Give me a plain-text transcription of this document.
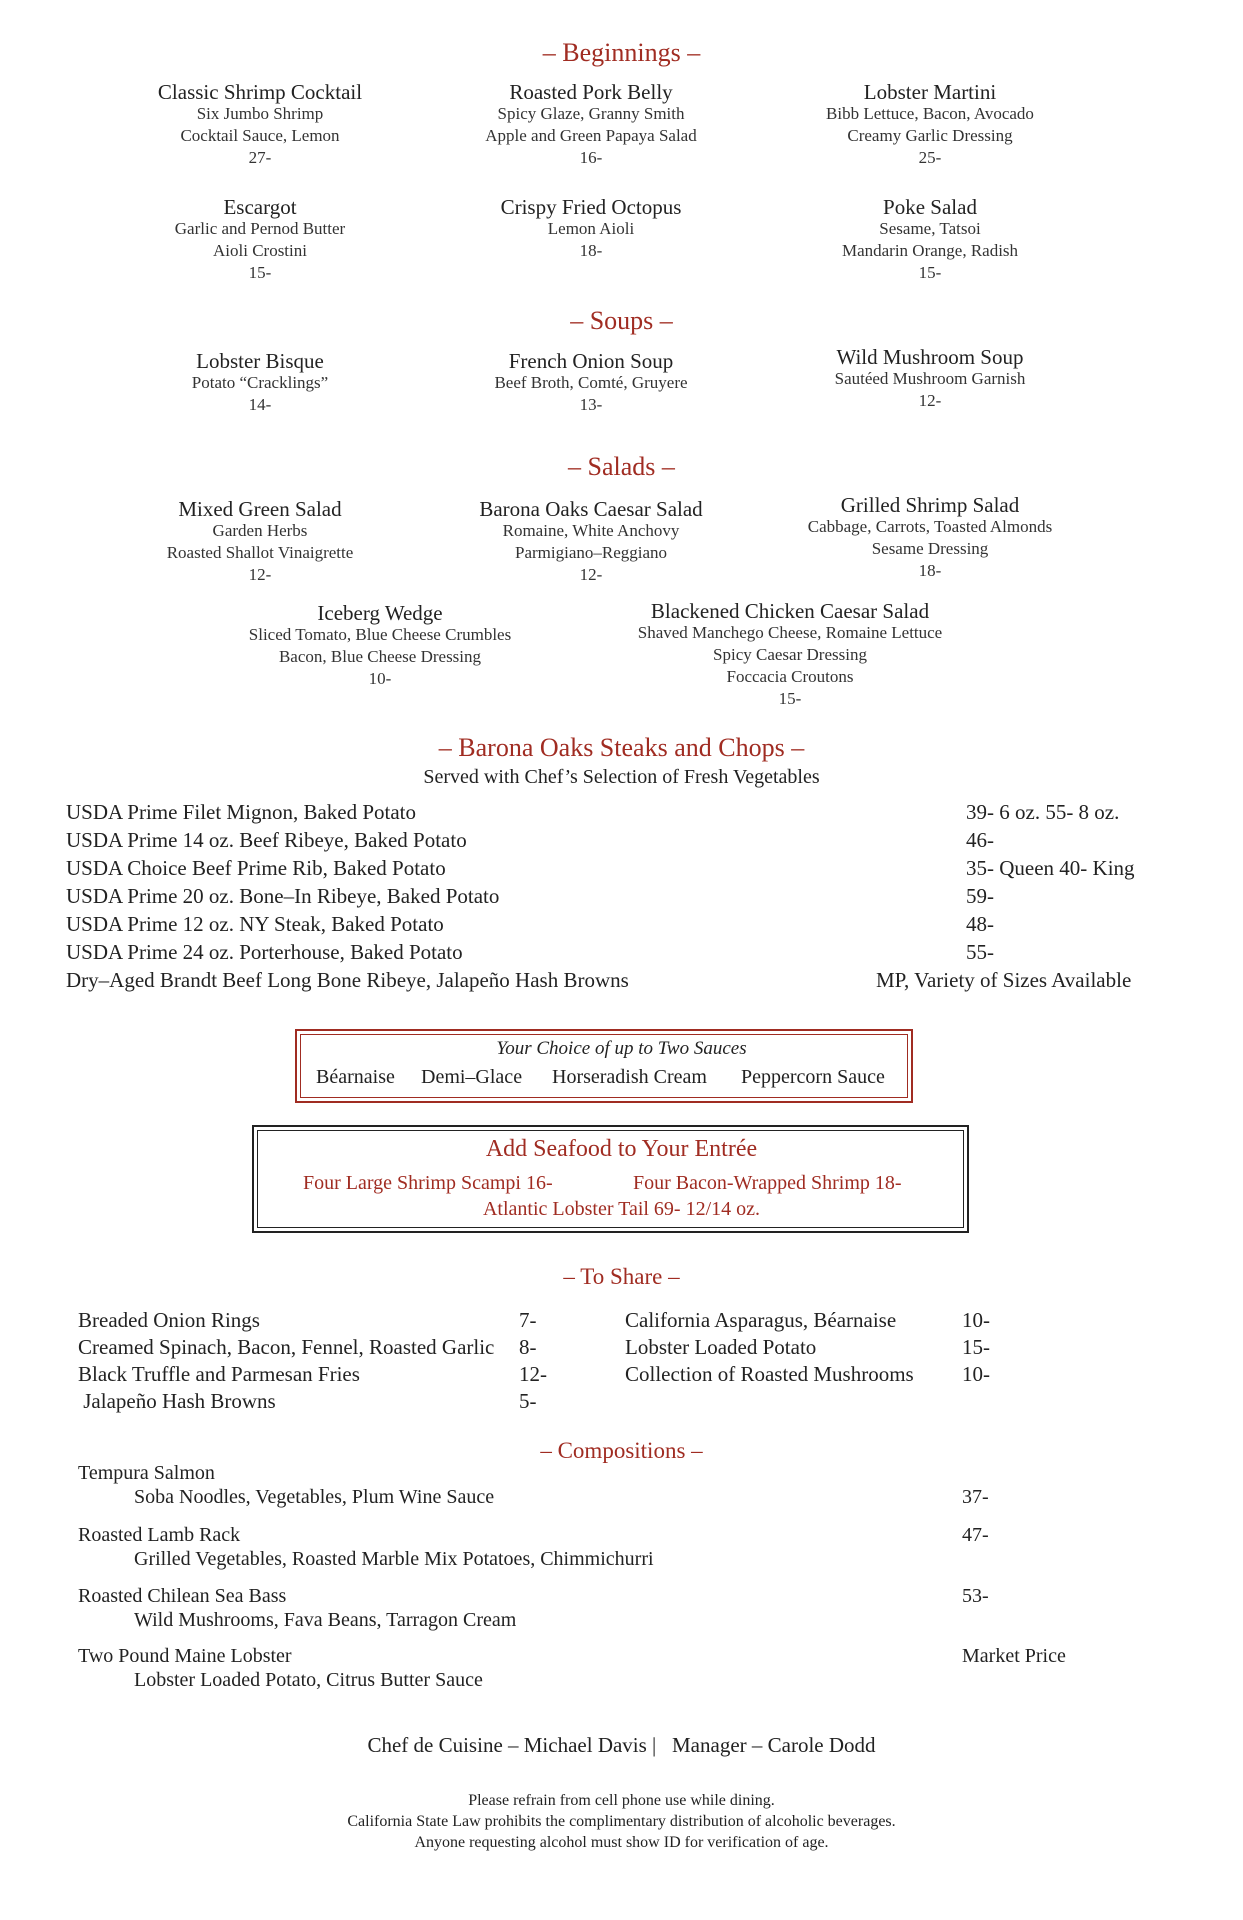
– Beginnings –
Classic Shrimp Cocktail
Six Jumbo Shrimp
Cocktail Sauce, Lemon
27-
Roasted Pork Belly
Spicy Glaze, Granny Smith
Apple and Green Papaya Salad
16-
Lobster Martini
Bibb Lettuce, Bacon, Avocado
Creamy Garlic Dressing
25-
Escargot
Garlic and Pernod Butter
Aioli Crostini
15-
Crispy Fried Octopus
Lemon Aioli
18-
Poke Salad
Sesame, Tatsoi
Mandarin Orange, Radish
15-
– Soups –
Lobster Bisque
Potato “Cracklings”
14-
French Onion Soup
Beef Broth, Comté, Gruyere
13-
Wild Mushroom Soup
Sautéed Mushroom Garnish
12-
– Salads –
Mixed Green Salad
Garden Herbs
Roasted Shallot Vinaigrette
12-
Barona Oaks Caesar Salad
Romaine, White Anchovy
Parmigiano–Reggiano
12-
Grilled Shrimp Salad
Cabbage, Carrots, Toasted Almonds
Sesame Dressing
18-
Iceberg Wedge
Sliced Tomato, Blue Cheese Crumbles
Bacon, Blue Cheese Dressing
10-
Blackened Chicken Caesar Salad
Shaved Manchego Cheese, Romaine Lettuce
Spicy Caesar Dressing
Foccacia Croutons
15-
– Barona Oaks Steaks and Chops –
Served with Chef’s Selection of Fresh Vegetables
USDA Prime Filet Mignon, Baked Potato	39- 6 oz. 55- 8 oz.
USDA Prime 14 oz. Beef Ribeye, Baked Potato	46-
USDA Choice Beef Prime Rib, Baked Potato	35- Queen 40- King
USDA Prime 20 oz. Bone–In Ribeye, Baked Potato	59-
USDA Prime 12 oz. NY Steak, Baked Potato	48-
USDA Prime 24 oz. Porterhouse, Baked Potato	55-
Dry–Aged Brandt Beef Long Bone Ribeye, Jalapeño Hash Browns	MP, Variety of Sizes Available
Your Choice of up to Two Sauces
Béarnaise Demi–Glace Horseradish Cream Peppercorn Sauce
Add Seafood to Your Entrée
Four Large Shrimp Scampi 16-	Four Bacon-Wrapped Shrimp 18-
Atlantic Lobster Tail 69- 12/14 oz.
– To Share –
Breaded Onion Rings	7-
Creamed Spinach, Bacon, Fennel, Roasted Garlic 8-
Black Truffle and Parmesan Fries	12-
Jalapeño Hash Browns	5-
California Asparagus, Béarnaise	10-
Lobster Loaded Potato	15-
Collection of Roasted Mushrooms 10-
– Compositions –
Tempura Salmon
Soba Noodles, Vegetables, Plum Wine Sauce	37-
Roasted Lamb Rack
Grilled Vegetables, Roasted Marble Mix Potatoes, Chimmichurri
47-
Roasted Chilean Sea Bass
Wild Mushrooms, Fava Beans, Tarragon Cream
53-
Two Pound Maine Lobster
Lobster Loaded Potato, Citrus Butter Sauce
Market Price
Chef de Cuisine – Michael Davis |   Manager – Carole Dodd
Please refrain from cell phone use while dining.
California State Law prohibits the complimentary distribution of alcoholic beverages.
Anyone requesting alcohol must show ID for verification of age.
